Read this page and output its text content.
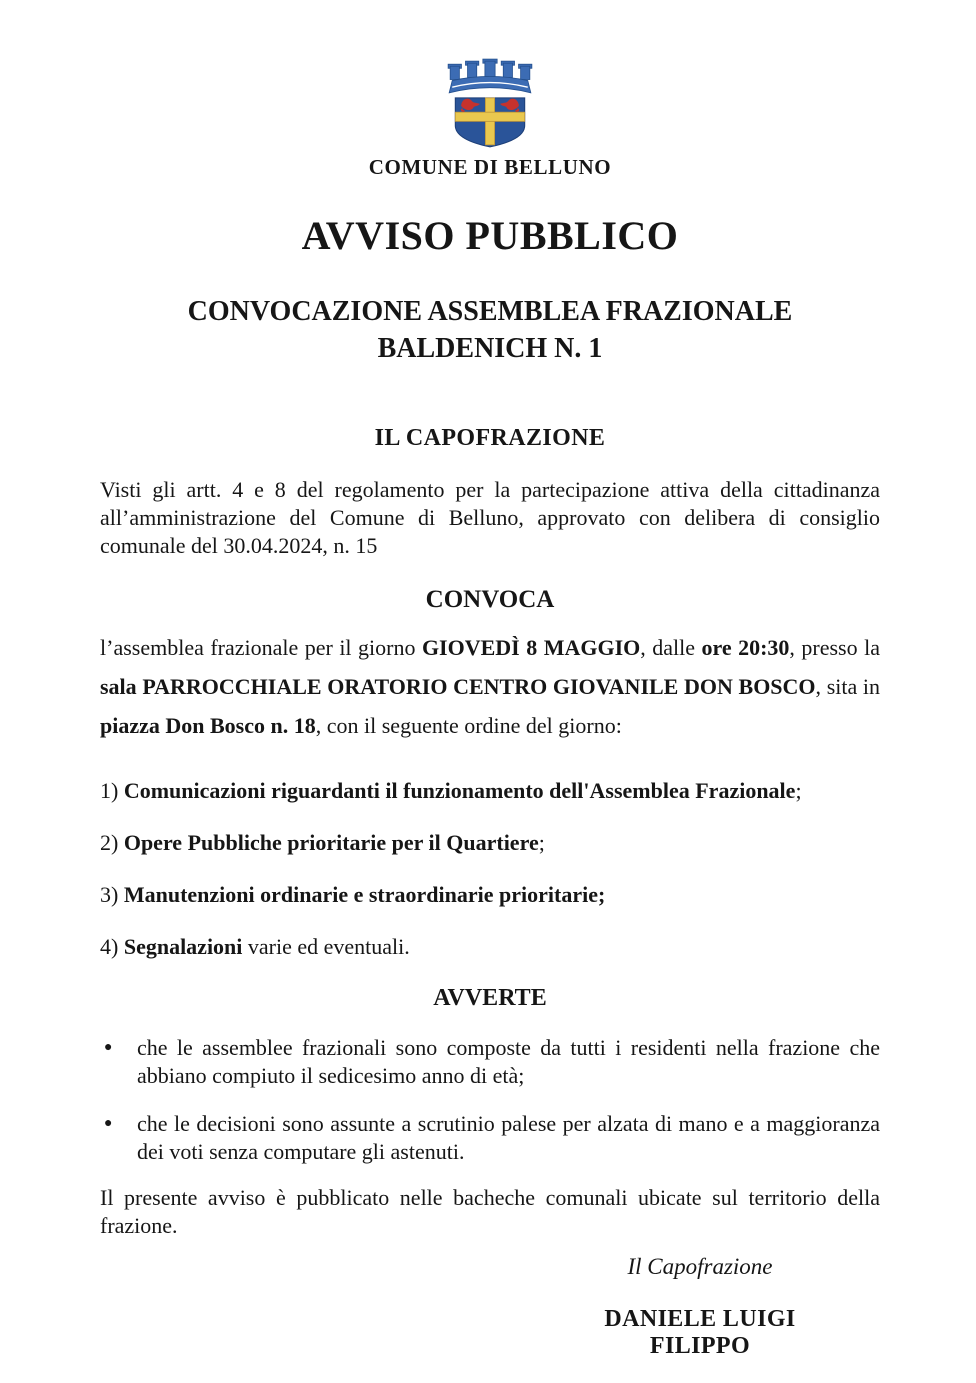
COMUNE DI BELLUNO
AVVISO PUBBLICO
CONVOCAZIONE ASSEMBLEA FRAZIONALE
BALDENICH N. 1
IL CAPOFRAZIONE

Visti gli artt. 4 e 8 del regolamento per la partecipazione attiva della cittadinanza all’amministrazione del Comune di Belluno, approvato con delibera di consiglio comunale del 30.04.2024, n. 15

CONVOCA

l’assemblea frazionale per il giorno GIOVEDÌ 8 MAGGIO, dalle ore 20:30, presso la sala PARROCCHIALE ORATORIO CENTRO GIOVANILE DON BOSCO, sita in piazza Don Bosco n. 18, con il seguente ordine del giorno:

1) Comunicazioni riguardanti il funzionamento dell'Assemblea Frazionale;
2) Opere Pubbliche prioritarie per il Quartiere;
3) Manutenzioni ordinarie e straordinarie prioritarie;
4) Segnalazioni varie ed eventuali.
AVVERTE
● che le assemblee frazionali sono composte da tutti i residenti nella frazione che abbiano compiuto il sedicesimo anno di età;
● che le decisioni sono assunte a scrutinio palese per alzata di mano e a maggioranza dei voti senza computare gli astenuti.

Il presente avviso è pubblicato nelle bacheche comunali ubicate sul territorio della frazione.

Il Capofrazione
DANIELE LUIGI FILIPPO
